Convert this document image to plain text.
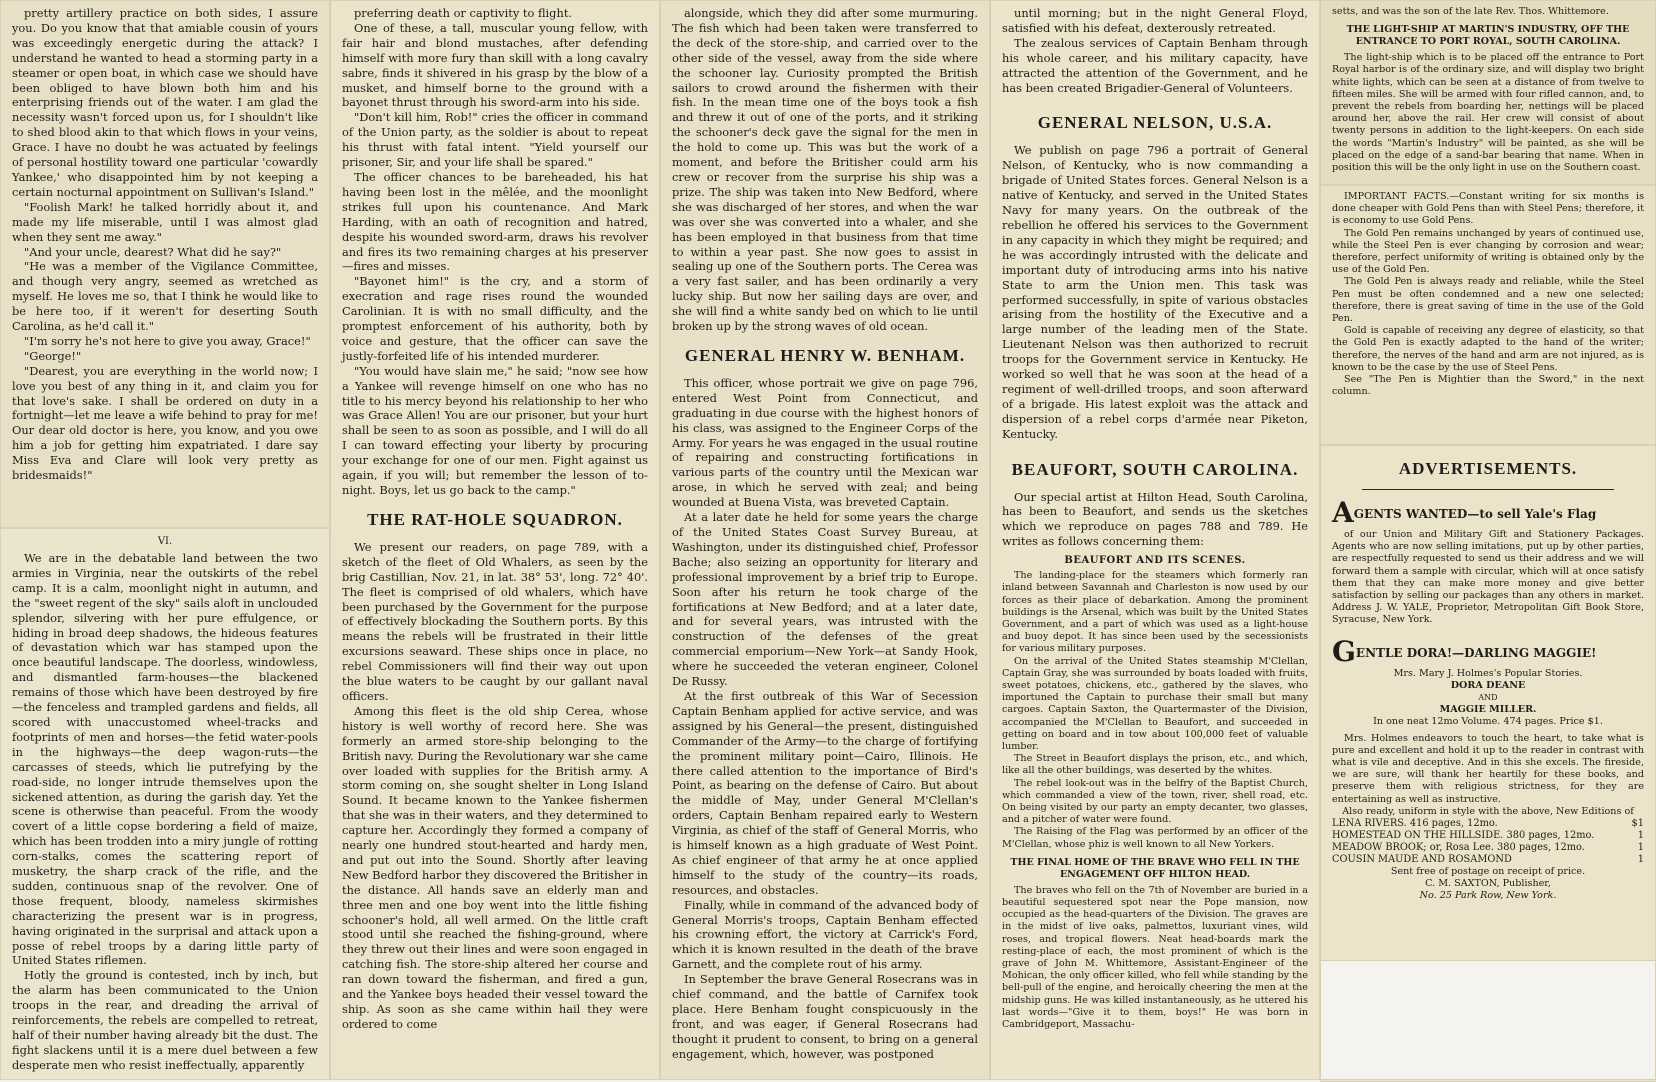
pretty artillery practice on both sides, I assure you. Do you know that that amiable cousin of yours was exceedingly energetic during the attack? I understand he wanted to head a storming party in a steamer or open boat, in which case we should have been obliged to have blown both him and his enterprising friends out of the water. I am glad the necessity wasn't forced upon us, for I shouldn't like to shed blood akin to that which flows in your veins, Grace. I have no doubt he was actuated by feelings of personal hostility toward one particular 'cowardly Yankee,' who disappointed him by not keeping a certain nocturnal appointment on Sullivan's Island."

"Foolish Mark! he talked horridly about it, and made my life miserable, until I was almost glad when they sent me away."

"And your uncle, dearest? What did he say?"

"He was a member of the Vigilance Committee, and though very angry, seemed as wretched as myself. He loves me so, that I think he would like to be here too, if it weren't for deserting South Carolina, as he'd call it."

"I'm sorry he's not here to give you away, Grace!"

"George!"

"Dearest, you are everything in the world now; I love you best of any thing in it, and claim you for that love's sake. I shall be ordered on duty in a fortnight—let me leave a wife behind to pray for me! Our dear old doctor is here, you know, and you owe him a job for getting him expatriated. I dare say Miss Eva and Clare will look very pretty as bridesmaids!"

VI.

We are in the debatable land between the two armies in Virginia, near the outskirts of the rebel camp. It is a calm, moonlight night in autumn, and the "sweet regent of the sky" sails aloft in unclouded splendor, silvering with her pure effulgence, or hiding in broad deep shadows, the hideous features of devastation which war has stamped upon the once beautiful landscape. The doorless, windowless, and dismantled farm-houses—the blackened remains of those which have been destroyed by fire—the fenceless and trampled gardens and fields, all scored with unaccustomed wheel-tracks and footprints of men and horses—the fetid water-pools in the highways—the deep wagon-ruts—the carcasses of steeds, which lie putrefying by the road-side, no longer intrude themselves upon the sickened attention, as during the garish day. Yet the scene is otherwise than peaceful. From the woody covert of a little copse bordering a field of maize, which has been trodden into a miry jungle of rotting corn-stalks, comes the scattering report of musketry, the sharp crack of the rifle, and the sudden, continuous snap of the revolver. One of those frequent, bloody, nameless skirmishes characterizing the present war is in progress, having originated in the surprisal and attack upon a posse of rebel troops by a daring little party of United States riflemen.

Hotly the ground is contested, inch by inch, but the alarm has been communicated to the Union troops in the rear, and dreading the arrival of reinforcements, the rebels are compelled to retreat, half of their number having already bit the dust. The fight slackens until it is a mere duel between a few desperate men who resist ineffectually, apparently

preferring death or captivity to flight.

One of these, a tall, muscular young fellow, with fair hair and blond mustaches, after defending himself with more fury than skill with a long cavalry sabre, finds it shivered in his grasp by the blow of a musket, and himself borne to the ground with a bayonet thrust through his sword-arm into his side.

"Don't kill him, Rob!" cries the officer in command of the Union party, as the soldier is about to repeat his thrust with fatal intent. "Yield yourself our prisoner, Sir, and your life shall be spared."

The officer chances to be bareheaded, his hat having been lost in the mêlée, and the moonlight strikes full upon his countenance. And Mark Harding, with an oath of recognition and hatred, despite his wounded sword-arm, draws his revolver and fires its two remaining charges at his preserver—fires and misses.

"Bayonet him!" is the cry, and a storm of execration and rage rises round the wounded Carolinian. It is with no small difficulty, and the promptest enforcement of his authority, both by voice and gesture, that the officer can save the justly-forfeited life of his intended murderer.

"You would have slain me," he said; "now see how a Yankee will revenge himself on one who has no title to his mercy beyond his relationship to her who was Grace Allen! You are our prisoner, but your hurt shall be seen to as soon as possible, and I will do all I can toward effecting your liberty by procuring your exchange for one of our men. Fight against us again, if you will; but remember the lesson of to-night. Boys, let us go back to the camp."

THE RAT-HOLE SQUADRON.

We present our readers, on page 789, with a sketch of the fleet of Old Whalers, as seen by the brig Castillian, Nov. 21, in lat. 38° 53', long. 72° 40'. The fleet is comprised of old whalers, which have been purchased by the Government for the purpose of effectively blockading the Southern ports. By this means the rebels will be frustrated in their little excursions seaward. These ships once in place, no rebel Commissioners will find their way out upon the blue waters to be caught by our gallant naval officers.

Among this fleet is the old ship Cerea, whose history is well worthy of record here. She was formerly an armed store-ship belonging to the British navy. During the Revolutionary war she came over loaded with supplies for the British army. A storm coming on, she sought shelter in Long Island Sound. It became known to the Yankee fishermen that she was in their waters, and they determined to capture her. Accordingly they formed a company of nearly one hundred stout-hearted and hardy men, and put out into the Sound. Shortly after leaving New Bedford harbor they discovered the Britisher in the distance. All hands save an elderly man and three men and one boy went into the little fishing schooner's hold, all well armed. On the little craft stood until she reached the fishing-ground, where they threw out their lines and were soon engaged in catching fish. The store-ship altered her course and ran down toward the fisherman, and fired a gun, and the Yankee boys headed their vessel toward the ship. As soon as she came within hail they were ordered to come

alongside, which they did after some murmuring. The fish which had been taken were transferred to the deck of the store-ship, and carried over to the other side of the vessel, away from the side where the schooner lay. Curiosity prompted the British sailors to crowd around the fishermen with their fish. In the mean time one of the boys took a fish and threw it out of one of the ports, and it striking the schooner's deck gave the signal for the men in the hold to come up. This was but the work of a moment, and before the Britisher could arm his crew or recover from the surprise his ship was a prize. The ship was taken into New Bedford, where she was discharged of her stores, and when the war was over she was converted into a whaler, and she has been employed in that business from that time to within a year past. She now goes to assist in sealing up one of the Southern ports. The Cerea was a very fast sailer, and has been ordinarily a very lucky ship. But now her sailing days are over, and she will find a white sandy bed on which to lie until broken up by the strong waves of old ocean.

GENERAL HENRY W. BENHAM.

This officer, whose portrait we give on page 796, entered West Point from Connecticut, and graduating in due course with the highest honors of his class, was assigned to the Engineer Corps of the Army. For years he was engaged in the usual routine of repairing and constructing fortifications in various parts of the country until the Mexican war arose, in which he served with zeal; and being wounded at Buena Vista, was breveted Captain.

At a later date he held for some years the charge of the United States Coast Survey Bureau, at Washington, under its distinguished chief, Professor Bache; also seizing an opportunity for literary and professional improvement by a brief trip to Europe. Soon after his return he took charge of the fortifications at New Bedford; and at a later date, and for several years, was intrusted with the construction of the defenses of the great commercial emporium—New York—at Sandy Hook, where he succeeded the veteran engineer, Colonel De Russy.

At the first outbreak of this War of Secession Captain Benham applied for active service, and was assigned by his General—the present, distinguished Commander of the Army—to the charge of fortifying the prominent military point—Cairo, Illinois. He there called attention to the importance of Bird's Point, as bearing on the defense of Cairo. But about the middle of May, under General M'Clellan's orders, Captain Benham repaired early to Western Virginia, as chief of the staff of General Morris, who is himself known as a high graduate of West Point. As chief engineer of that army he at once applied himself to the study of the country—its roads, resources, and obstacles.

Finally, while in command of the advanced body of General Morris's troops, Captain Benham effected his crowning effort, the victory at Carrick's Ford, which it is known resulted in the death of the brave Garnett, and the complete rout of his army.

In September the brave General Rosecrans was in chief command, and the battle of Carnifex took place. Here Benham fought conspicuously in the front, and was eager, if General Rosecrans had thought it prudent to consent, to bring on a general engagement, which, however, was postponed

until morning; but in the night General Floyd, satisfied with his defeat, dexterously retreated.

The zealous services of Captain Benham through his whole career, and his military capacity, have attracted the attention of the Government, and he has been created Brigadier-General of Volunteers.

GENERAL NELSON, U.S.A.

We publish on page 796 a portrait of General Nelson, of Kentucky, who is now commanding a brigade of United States forces. General Nelson is a native of Kentucky, and served in the United States Navy for many years. On the outbreak of the rebellion he offered his services to the Government in any capacity in which they might be required; and he was accordingly intrusted with the delicate and important duty of introducing arms into his native State to arm the Union men. This task was performed successfully, in spite of various obstacles arising from the hostility of the Executive and a large number of the leading men of the State. Lieutenant Nelson was then authorized to recruit troops for the Government service in Kentucky. He worked so well that he was soon at the head of a regiment of well-drilled troops, and soon afterward of a brigade. His latest exploit was the attack and dispersion of a rebel corps d'armée near Piketon, Kentucky.

BEAUFORT, SOUTH CAROLINA.

Our special artist at Hilton Head, South Carolina, has been to Beaufort, and sends us the sketches which we reproduce on pages 788 and 789. He writes as follows concerning them:

BEAUFORT AND ITS SCENES.

The landing-place for the steamers which formerly ran inland between Savannah and Charleston is now used by our forces as their place of debarkation. Among the prominent buildings is the Arsenal, which was built by the United States Government, and a part of which was used as a light-house and buoy depot. It has since been used by the secessionists for various military purposes.

On the arrival of the United States steamship M'Clellan, Captain Gray, she was surrounded by boats loaded with fruits, sweet potatoes, chickens, etc., gathered by the slaves, who importuned the Captain to purchase their small but many cargoes. Captain Saxton, the Quartermaster of the Division, accompanied the M'Clellan to Beaufort, and succeeded in getting on board and in tow about 100,000 feet of valuable lumber.

The Street in Beaufort displays the prison, etc., and which, like all the other buildings, was deserted by the whites.

The rebel look-out was in the belfry of the Baptist Church, which commanded a view of the town, river, shell road, etc. On being visited by our party an empty decanter, two glasses, and a pitcher of water were found.

The Raising of the Flag was performed by an officer of the M'Clellan, whose phiz is well known to all New Yorkers.

THE FINAL HOME OF THE BRAVE WHO FELL IN THE ENGAGEMENT OFF HILTON HEAD.

The braves who fell on the 7th of November are buried in a beautiful sequestered spot near the Pope mansion, now occupied as the head-quarters of the Division. The graves are in the midst of live oaks, palmettos, luxuriant vines, wild roses, and tropical flowers. Neat head-boards mark the resting-place of each, the most prominent of which is the grave of John M. Whittemore, Assistant-Engineer of the Mohican, the only officer killed, who fell while standing by the bell-pull of the engine, and heroically cheering the men at the midship guns. He was killed instantaneously, as he uttered his last words—"Give it to them, boys!" He was born in Cambridgeport, Massachu-

setts, and was the son of the late Rev. Thos. Whittemore.

THE LIGHT-SHIP AT MARTIN'S INDUSTRY, OFF THE ENTRANCE TO PORT ROYAL, SOUTH CAROLINA.

The light-ship which is to be placed off the entrance to Port Royal harbor is of the ordinary size, and will display two bright white lights, which can be seen at a distance of from twelve to fifteen miles. She will be armed with four rifled cannon, and, to prevent the rebels from boarding her, nettings will be placed around her, above the rail. Her crew will consist of about twenty persons in addition to the light-keepers. On each side the words "Martin's Industry" will be painted, as she will be placed on the edge of a sand-bar bearing that name. When in position this will be the only light in use on the Southern coast.

IMPORTANT FACTS.—Constant writing for six months is done cheaper with Gold Pens than with Steel Pens; therefore, it is economy to use Gold Pens.

The Gold Pen remains unchanged by years of continued use, while the Steel Pen is ever changing by corrosion and wear; therefore, perfect uniformity of writing is obtained only by the use of the Gold Pen.

The Gold Pen is always ready and reliable, while the Steel Pen must be often condemned and a new one selected; therefore, there is great saving of time in the use of the Gold Pen.

Gold is capable of receiving any degree of elasticity, so that the Gold Pen is exactly adapted to the hand of the writer; therefore, the nerves of the hand and arm are not injured, as is known to be the case by the use of Steel Pens.

See "The Pen is Mightier than the Sword," in the next column.

ADVERTISEMENTS.
AGENTS WANTED—to sell Yale's Flag

of our Union and Military Gift and Stationery Packages. Agents who are now selling imitations, put up by other parties, are respectfully requested to send us their address and we will forward them a sample with circular, which will at once satisfy them that they can make more money and give better satisfaction by selling our packages than any others in market. Address J. W. YALE, Proprietor, Metropolitan Gift Book Store, Syracuse, New York.

GENTLE DORA!—DARLING MAGGIE!

Mrs. Mary J. Holmes's Popular Stories.

DORA DEANE

AND

MAGGIE MILLER.

In one neat 12mo Volume. 474 pages. Price $1.

Mrs. Holmes endeavors to touch the heart, to take what is pure and excellent and hold it up to the reader in contrast with what is vile and deceptive. And in this she excels. The fireside, we are sure, will thank her heartily for these books, and preserve them with religious strictness, for they are entertaining as well as instructive.

Also ready, uniform in style with the above, New Editions of

LENA RIVERS. 416 pages, 12mo.	$1
HOMESTEAD ON THE HILLSIDE. 380 pages, 12mo.	1
MEADOW BROOK; or, Rosa Lee. 380 pages, 12mo.	1
COUSIN MAUDE AND ROSAMOND	1

Sent free of postage on receipt of price.

C. M. SAXTON, Publisher,

No. 25 Park Row, New York.
